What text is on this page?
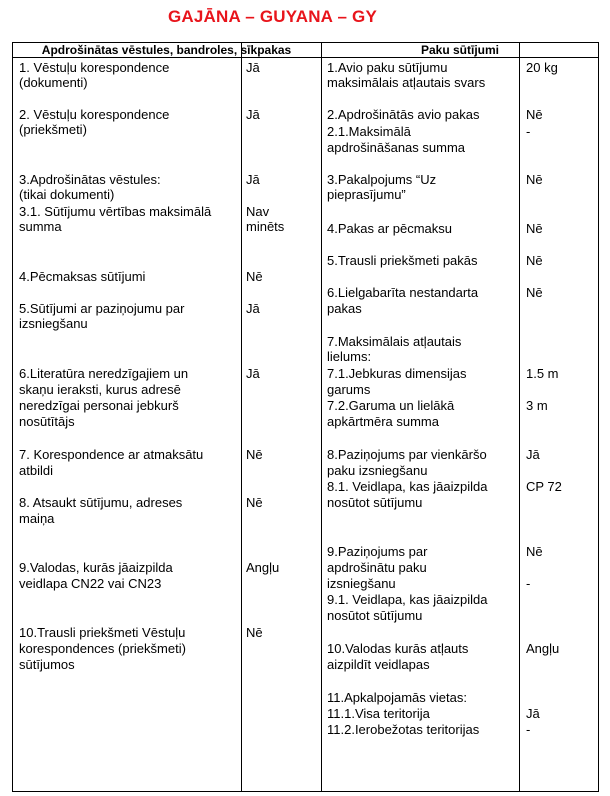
GAJĀNA – GUYANA – GY
Apdrošinātas vēstules, bandroles, sīkpakas	Paku sūtījumi
1. Vēstuļu korespondence
(dokumenti)
2. Vēstuļu korespondence
(priekšmeti)
3.Apdrošinātas vēstules:
(tikai dokumenti)
3.1. Sūtījumu vērtības maksimālā
summa
4.Pēcmaksas sūtījumi
5.Sūtījumi ar paziņojumu par
izsniegšanu
6.Literatūra neredzīgajiem un
skaņu ieraksti, kurus adresē
neredzīgai personai jebkurš
nosūtītājs
7. Korespondence ar atmaksātu
atbildi
8. Atsaukt sūtījumu, adreses
maiņa
9.Valodas, kurās jāaizpilda
veidlapa CN22 vai CN23
10.Trausli priekšmeti Vēstuļu
korespondences (priekšmeti)
sūtījumos
Jā
Jā
Jā
Nav
minēts
Nē
Jā
Jā
Nē
Nē
Angļu
Nē
1.Avio paku sūtījumu
maksimālais atļautais svars
2.Apdrošinātās avio pakas
2.1.Maksimālā
apdrošināšanas summa
3.Pakalpojums “Uz
pieprasījumu”
4.Pakas ar pēcmaksu
5.Trausli priekšmeti pakās
6.Lielgabarīta nestandarta
pakas
7.Maksimālais atļautais
lielums:
7.1.Jebkuras dimensijas
garums
7.2.Garuma un lielākā
apkārtmēra summa
8.Paziņojums par vienkāršo
paku izsniegšanu
8.1. Veidlapa, kas jāaizpilda
nosūtot sūtījumu
9.Paziņojums par
apdrošinātu paku
izsniegšanu
9.1. Veidlapa, kas jāaizpilda
nosūtot sūtījumu
10.Valodas kurās atļauts
aizpildīt veidlapas
11.Apkalpojamās vietas:
11.1.Visa teritorija
11.2.Ierobežotas teritorijas
20 kg
Nē
-
Nē
Nē
Nē
Nē
1.5 m
3 m
Jā
CP 72
Nē
-
Angļu
Jā
-
